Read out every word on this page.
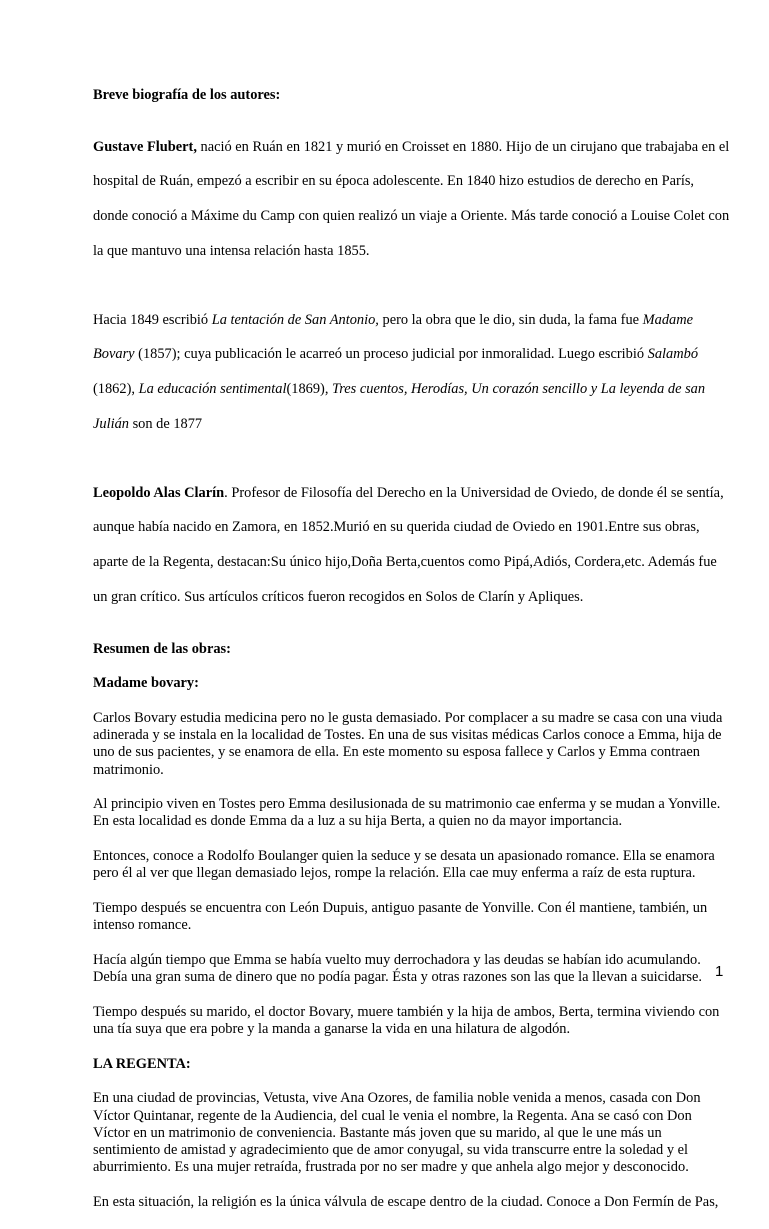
Breve biografía de los autores:

Gustave Flubert, nació en Ruán en 1821 y murió en Croisset en 1880. Hijo de un cirujano que trabajaba en el

hospital de Ruán, empezó a escribir en su época adolescente. En 1840 hizo estudios de derecho en París,

donde conoció a Máxime du Camp con quien realizó un viaje a Oriente. Más tarde conoció a Louise Colet con

la que mantuvo una intensa relación hasta 1855.

Hacia 1849 escribió La tentación de San Antonio, pero la obra que le dio, sin duda, la fama fue Madame

Bovary (1857); cuya publicación le acarreó un proceso judicial por inmoralidad. Luego escribió Salambó

(1862), La educación sentimental(1869), Tres cuentos, Herodías, Un corazón sencillo y La leyenda de san

Julián son de 1877

Leopoldo Alas Clarín. Profesor de Filosofía del Derecho en la Universidad de Oviedo, de donde él se sentía,

aunque había nacido en Zamora, en 1852.Murió en su querida ciudad de Oviedo en 1901.Entre sus obras,

aparte de la Regenta, destacan:Su único hijo,Doña Berta,cuentos como Pipá,Adiós, Cordera,etc. Además fue

un gran crítico. Sus artículos críticos fueron recogidos en Solos de Clarín y Apliques.

Resumen de las obras:

Madame bovary:

Carlos Bovary estudia medicina pero no le gusta demasiado. Por complacer a su madre se casa con una viuda
adinerada y se instala en la localidad de Tostes. En una de sus visitas médicas Carlos conoce a Emma, hija de
uno de sus pacientes, y se enamora de ella. En este momento su esposa fallece y Carlos y Emma contraen
matrimonio.

Al principio viven en Tostes pero Emma desilusionada de su matrimonio cae enferma y se mudan a Yonville.
En esta localidad es donde Emma da a luz a su hija Berta, a quien no da mayor importancia.

Entonces, conoce a Rodolfo Boulanger quien la seduce y se desata un apasionado romance. Ella se enamora
pero él al ver que llegan demasiado lejos, rompe la relación. Ella cae muy enferma a raíz de esta ruptura.

Tiempo después se encuentra con León Dupuis, antiguo pasante de Yonville. Con él mantiene, también, un
intenso romance.

Hacía algún tiempo que Emma se había vuelto muy derrochadora y las deudas se habían ido acumulando.
Debía una gran suma de dinero que no podía pagar. Ésta y otras razones son las que la llevan a suicidarse.

Tiempo después su marido, el doctor Bovary, muere también y la hija de ambos, Berta, termina viviendo con
una tía suya que era pobre y la manda a ganarse la vida en una hilatura de algodón.

LA REGENTA:

En una ciudad de provincias, Vetusta, vive Ana Ozores, de familia noble venida a menos, casada con Don
Víctor Quintanar, regente de la Audiencia, del cual le venia el nombre, la Regenta. Ana se casó con Don
Víctor en un matrimonio de conveniencia. Bastante más joven que su marido, al que le une más un
sentimiento de amistad y agradecimiento que de amor conyugal, su vida transcurre entre la soledad y el
aburrimiento. Es una mujer retraída, frustrada por no ser madre y que anhela algo mejor y desconocido.

En esta situación, la religión es la única válvula de escape dentro de la ciudad. Conoce a Don Fermín de Pas,

1
